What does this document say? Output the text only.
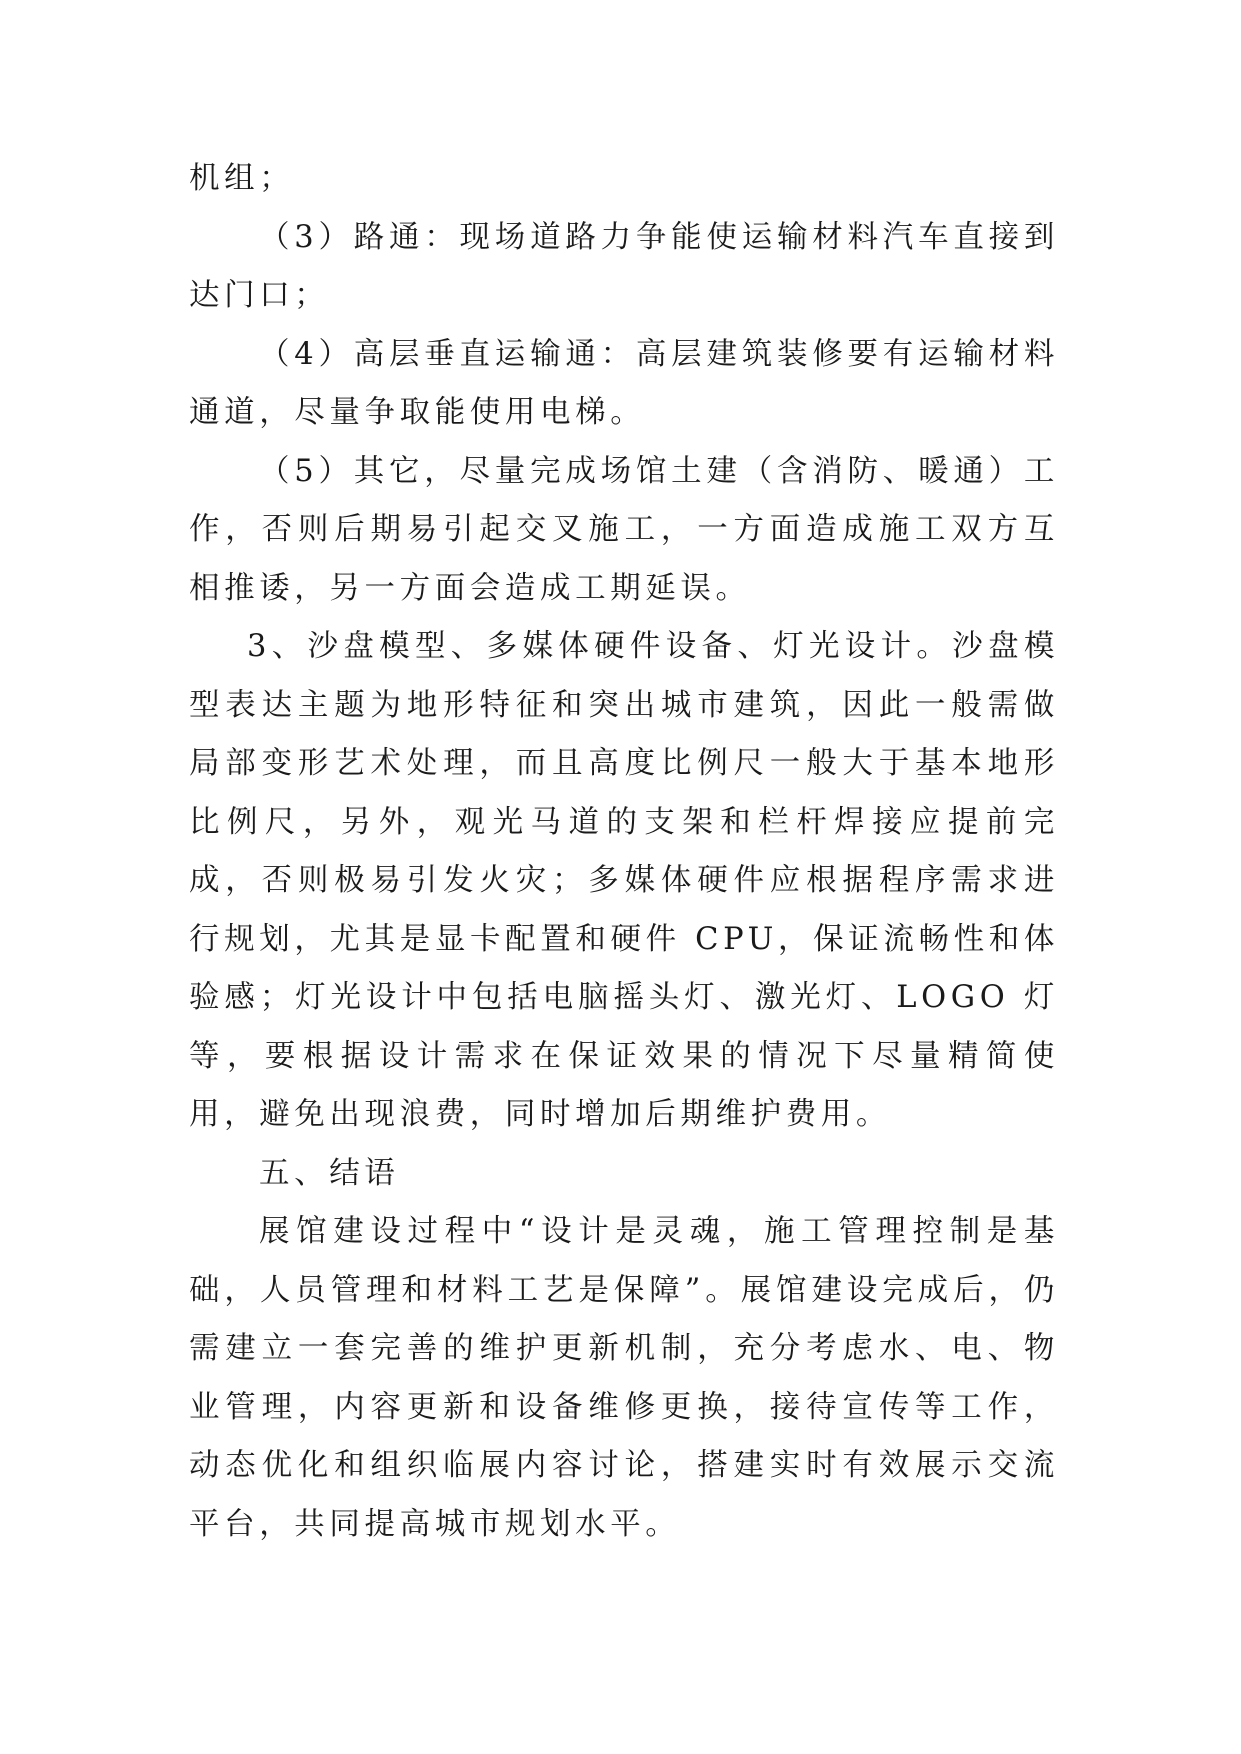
机组；

（3）路通：现场道路力争能使运输材料汽车直接到达门口；

（4）高层垂直运输通：高层建筑装修要有运输材料通道，尽量争取能使用电梯。

（5）其它，尽量完成场馆土建（含消防、暖通）工作，否则后期易引起交叉施工，一方面造成施工双方互相推诿，另一方面会造成工期延误。

3、沙盘模型、多媒体硬件设备、灯光设计。沙盘模型表达主题为地形特征和突出城市建筑，因此一般需做局部变形艺术处理，而且高度比例尺一般大于基本地形比例尺，另外，观光马道的支架和栏杆焊接应提前完成，否则极易引发火灾；多媒体硬件应根据程序需求进行规划，尤其是显卡配置和硬件 CPU，保证流畅性和体验感；灯光设计中包括电脑摇头灯、激光灯、LOGO 灯等，要根据设计需求在保证效果的情况下尽量精简使用，避免出现浪费，同时增加后期维护费用。

五、结语

展馆建设过程中“设计是灵魂，施工管理控制是基础，人员管理和材料工艺是保障”。展馆建设完成后，仍需建立一套完善的维护更新机制，充分考虑水、电、物业管理，内容更新和设备维修更换，接待宣传等工作，动态优化和组织临展内容讨论，搭建实时有效展示交流平台，共同提高城市规划水平。
